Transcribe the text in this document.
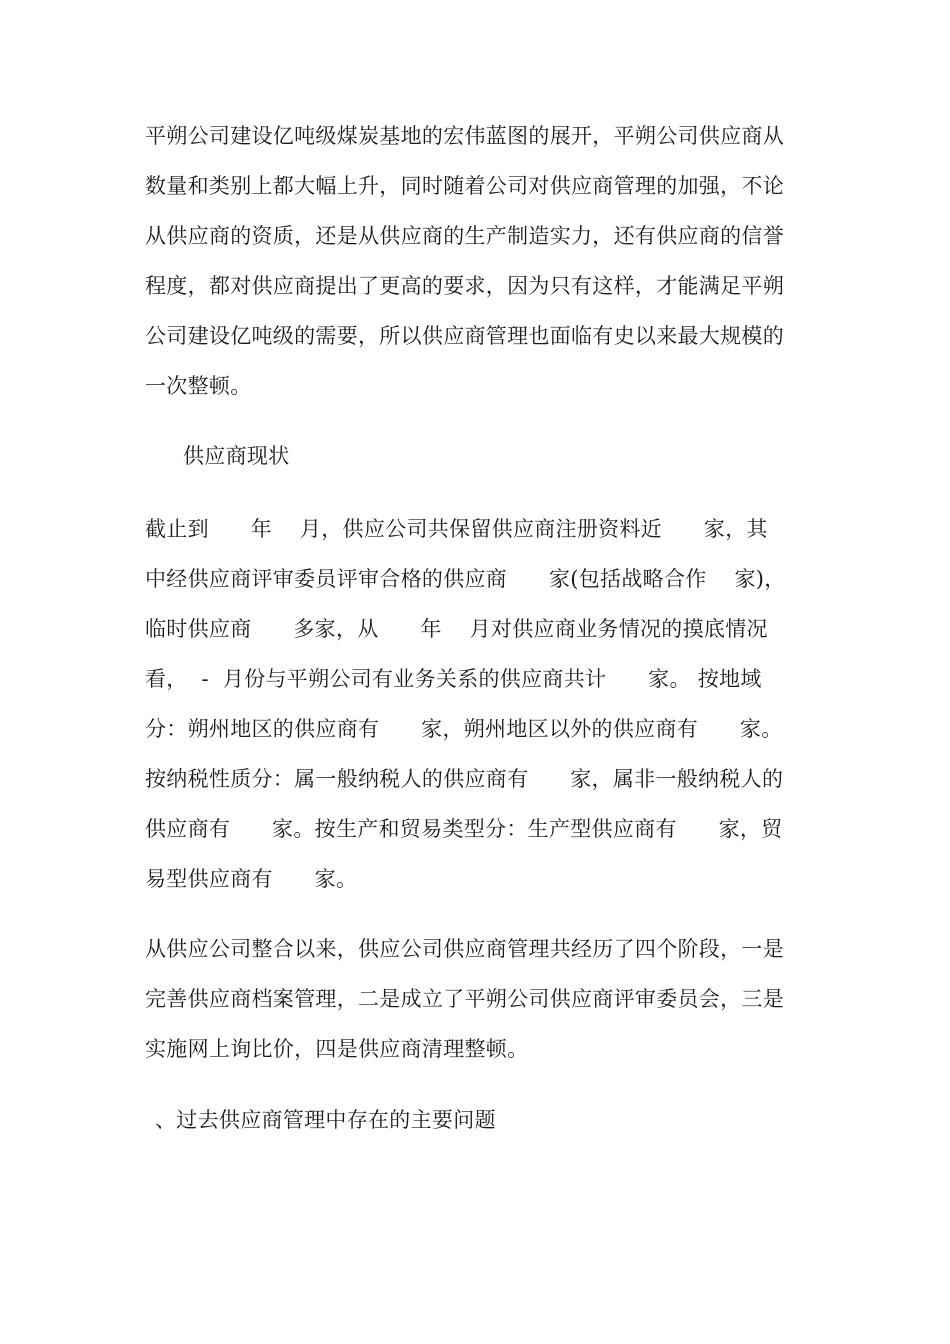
平朔公司建设亿吨级煤炭基地的宏伟蓝图的展开，平朔公司供应商从
数量和类别上都大幅上升，同时随着公司对供应商管理的加强，不论
从供应商的资质，还是从供应商的生产制造实力，还有供应商的信誉
程度，都对供应商提出了更高的要求，因为只有这样，才能满足平朔
公司建设亿吨级的需要，所以供应商管理也面临有史以来最大规模的
一次整顿。
供应商现状
截止到      年    月，供应公司共保留供应商注册资料近      家，其
中经供应商评审委员评审合格的供应商      家(包括战略合作    家)，
临时供应商      多家，从      年    月对供应商业务情况的摸底情况
看，  -  月份与平朔公司有业务关系的供应商共计      家。 按地域
分：朔州地区的供应商有      家，朔州地区以外的供应商有      家。
按纳税性质分：属一般纳税人的供应商有      家，属非一般纳税人的
供应商有      家。按生产和贸易类型分：生产型供应商有      家，贸
易型供应商有      家。
从供应公司整合以来，供应公司供应商管理共经历了四个阶段，一是
完善供应商档案管理，二是成立了平朔公司供应商评审委员会，三是
实施网上询比价，四是供应商清理整顿。
、过去供应商管理中存在的主要问题
